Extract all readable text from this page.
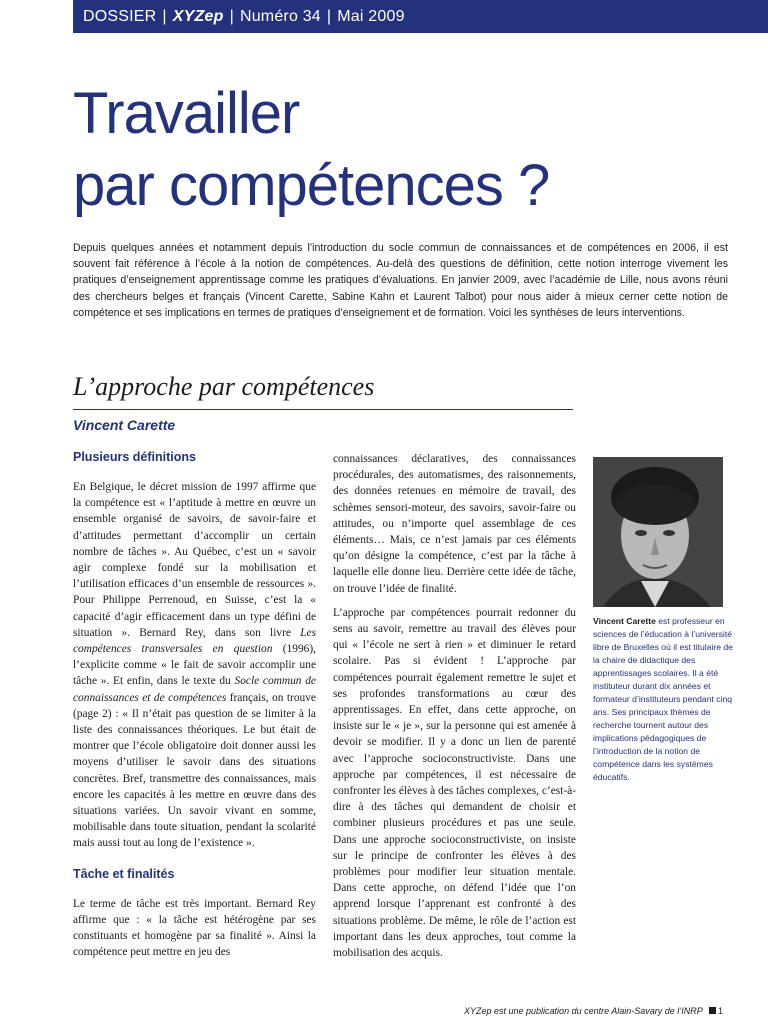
DOSSIER | XYZep | Numéro 34 | Mai 2009
Travailler
par compétences ?

Depuis quelques années et notamment depuis l’introduction du socle commun de connaissances et de compétences en 2006, il est souvent fait référence à l’école à la notion de compétences. Au-delà des questions de définition, cette notion interroge vivement les pratiques d’enseignement apprentissage comme les pratiques d’évaluations. En janvier 2009, avec l’académie de Lille, nous avons réuni des chercheurs belges et français (Vincent Carette, Sabine Kahn et Laurent Talbot) pour nous aider à mieux cerner cette notion de compétence et ses implications en termes de pratiques d’enseignement et de formation. Voici les synthèses de leurs interventions.

L’approche par compétences

Vincent Carette

Plusieurs définitions

En Belgique, le décret mission de 1997 affirme que la compétence est « l’aptitude à mettre en œuvre un ensemble organisé de savoirs, de savoir-faire et d’attitudes permettant d’accomplir un certain nombre de tâches ». Au Québec, c’est un « savoir agir complexe fondé sur la mobilisation et l’utilisation efficaces d’un ensemble de ressources ». Pour Philippe Perrenoud, en Suisse, c’est la « capacité d’agir efficacement dans un type défini de situation ». Bernard Rey, dans son livre Les compétences transversales en question (1996), l’explicite comme « le fait de savoir accomplir une tâche ». Et enfin, dans le texte du Socle commun de connaissances et de compétences français, on trouve (page 2) : « Il n’était pas question de se limiter à la liste des connaissances théoriques. Le but était de montrer que l’école obligatoire doit donner aussi les moyens d’utiliser le savoir dans des situations concrètes. Bref, transmettre des connaissances, mais encore les capacités à les mettre en œuvre dans des situations variées. Un savoir vivant en somme, mobilisable dans toute situation, pendant la scolarité mais aussi tout au long de l’existence ».

Tâche et finalités

Le terme de tâche est très important. Bernard Rey affirme que : « la tâche est hétérogène par ses constituants et homogène par sa finalité ». Ainsi la compétence peut mettre en jeu des

connaissances déclaratives, des connaissances procédurales, des automatismes, des raisonnements, des données retenues en mémoire de travail, des schèmes sensori-moteur, des savoirs, savoir-faire ou attitudes, ou n’importe quel assemblage de ces éléments… Mais, ce n’est jamais par ces éléments qu’on désigne la compétence, c’est par la tâche à laquelle elle donne lieu. Derrière cette idée de tâche, on trouve l’idée de finalité.

L’approche par compétences pourrait redonner du sens au savoir, remettre au travail des élèves pour qui « l’école ne sert à rien » et diminuer le retard scolaire. Pas si évident ! L’approche par compétences pourrait également remettre le sujet et ses profondes transformations au cœur des apprentissages. En effet, dans cette approche, on insiste sur le « je », sur la personne qui est amenée à devoir se modifier. Il y a donc un lien de parenté avec l’approche socioconstructiviste. Dans une approche par compétences, il est nécessaire de confronter les élèves à des tâches complexes, c’est-à-dire à des tâches qui demandent de choisir et combiner plusieurs procédures et pas une seule. Dans une approche socioconstructiviste, on insiste sur le principe de confronter les élèves à des problèmes pour modifier leur situation mentale. Dans cette approche, on défend l’idée que l’on apprend lorsque l’apprenant est confronté à des situations problème. De même, le rôle de l’action est important dans les deux approches, tout comme la mobilisation des acquis.

Vincent Carette est professeur en sciences de l’éducation à l’université libre de Bruxelles où il est titulaire de la chaire de didactique des apprentissages scolaires. Il a été instituteur durant dix années et formateur d’instituteurs pendant cinq ans. Ses principaux thèmes de recherche tournent autour des implications pédagogiques de l’introduction de la notion de compétence dans les systèmes éducatifs.

XYZep est une publication du centre Alain-Savary de l’INRP 1
